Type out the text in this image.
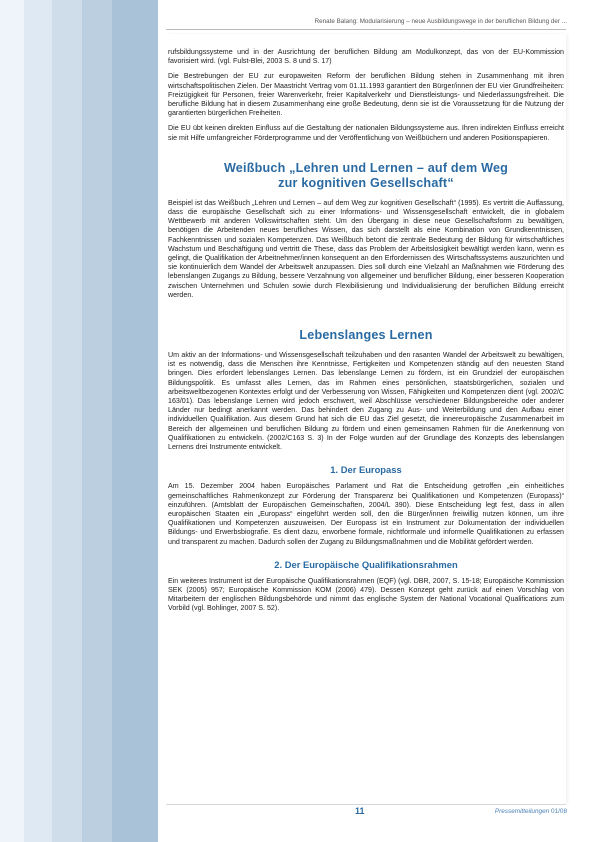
Renate Balang: Modularisierung – neue Ausbildungswege in der beruflichen Bildung der ...

rufsbildungssysteme und in der Ausrichtung der beruflichen Bildung am Modulkonzept, das von der EU-Kommission favorisiert wird. (vgl. Fulst-Blei, 2003 S. 8 und S. 17)

Die Bestrebungen der EU zur europaweiten Reform der beruflichen Bildung stehen in Zusammenhang mit ihren wirtschaftspolitischen Zielen. Der Maastricht Vertrag vom 01.11.1993 garantiert den Bürger/innen der EU vier Grundfreiheiten: Freizügigkeit für Personen, freier Warenverkehr, freier Kapitalverkehr und Dienstleistungs- und Niederlassungsfreiheit. Die berufliche Bildung hat in diesem Zusammenhang eine große Bedeutung, denn sie ist die Voraussetzung für die Nutzung der garantierten bürgerlichen Freiheiten.

Die EU übt keinen direkten Einfluss auf die Gestaltung der nationalen Bildungssysteme aus. Ihren indirekten Einfluss erreicht sie mit Hilfe umfangreicher Förderprogramme und der Veröffentlichung von Weißbüchern und anderen Positionspapieren.

Weißbuch „Lehren und Lernen – auf dem Weg
zur kognitiven Gesellschaft“

Beispiel ist das Weißbuch „Lehren und Lernen – auf dem Weg zur kognitiven Gesellschaft“ (1995). Es vertritt die Auffassung, dass die europäische Gesellschaft sich zu einer Informations- und Wissensgesellschaft entwickelt, die in globalem Wettbewerb mit anderen Volkswirtschaften steht. Um den Übergang in diese neue Gesellschaftsform zu bewältigen, benötigen die Arbeitenden neues berufliches Wissen, das sich darstellt als eine Kombination von Grundkenntnissen, Fachkenntnissen und sozialen Kompetenzen. Das Weißbuch betont die zentrale Bedeutung der Bildung für wirtschaftliches Wachstum und Beschäftigung und vertritt die These, dass das Problem der Arbeitslosigkeit bewältigt werden kann, wenn es gelingt, die Qualifikation der Arbeitnehmer/innen konsequent an den Erfordernissen des Wirtschaftssystems auszurichten und sie kontinuierlich dem Wandel der Arbeitswelt anzupassen. Dies soll durch eine Vielzahl an Maßnahmen wie Förderung des lebenslangen Zugangs zu Bildung, bessere Verzahnung von allgemeiner und beruflicher Bildung, einer besseren Kooperation zwischen Unternehmen und Schulen sowie durch Flexibilisierung und Individualisierung der beruflichen Bildung erreicht werden.

Lebenslanges Lernen

Um aktiv an der Informations- und Wissensgesellschaft teilzuhaben und den rasanten Wandel der Arbeitswelt zu bewältigen, ist es notwendig, dass die Menschen ihre Kenntnisse, Fertigkeiten und Kompetenzen ständig auf den neuesten Stand bringen. Dies erfordert lebenslanges Lernen. Das lebenslange Lernen zu fördern, ist ein Grundziel der europäischen Bildungspolitik. Es umfasst alles Lernen, das im Rahmen eines persönlichen, staatsbürgerlichen, sozialen und arbeitsweltbezogenen Kontextes erfolgt und der Verbesserung von Wissen, Fähigkeiten und Kompetenzen dient (vgl. 2002/C 163/01). Das lebenslange Lernen wird jedoch erschwert, weil Abschlüsse verschiedener Bildungsbereiche oder anderer Länder nur bedingt anerkannt werden. Das behindert den Zugang zu Aus- und Weiterbildung und den Aufbau einer individuellen Qualifikation. Aus diesem Grund hat sich die EU das Ziel gesetzt, die innereuropäische Zusammenarbeit im Bereich der allgemeinen und beruflichen Bildung zu fördern und einen gemeinsamen Rahmen für die Anerkennung von Qualifikationen zu entwickeln. (2002/C163 S. 3) In der Folge wurden auf der Grundlage des Konzepts des lebenslangen Lernens drei Instrumente entwickelt.

1. Der Europass

Am 15. Dezember 2004 haben Europäisches Parlament und Rat die Entscheidung getroffen „ein einheitliches gemeinschaftliches Rahmenkonzept zur Förderung der Transparenz bei Qualifikationen und Kompetenzen (Europass)“ einzuführen. (Amtsblatt der Europäischen Gemeinschaften, 2004/L 390). Diese Entscheidung legt fest, dass in allen europäischen Staaten ein „Europass“ eingeführt werden soll, den die Bürger/innen freiwillig nutzen können, um ihre Qualifikationen und Kompetenzen auszuweisen. Der Europass ist ein Instrument zur Dokumentation der individuellen Bildungs- und Erwerbsbiografie. Es dient dazu, erworbene formale, nichtformale und informelle Qualifikationen zu erfassen und transparent zu machen. Dadurch sollen der Zugang zu Bildungsmaßnahmen und die Mobilität gefördert werden.

2. Der Europäische Qualifikationsrahmen

Ein weiteres Instrument ist der Europäische Qualifikationsrahmen (EQF) (vgl. DBR, 2007, S. 15-18; Europäische Kommission SEK (2005) 957; Europäische Kommission KOM (2006) 479). Dessen Konzept geht zurück auf einen Vorschlag von Mitarbeitern der englischen Bildungsbehörde und nimmt das englische System der National Vocational Qualifications zum Vorbild (vgl. Bohlinger, 2007 S. 52).

11	Pressemitteilungen 01/08
